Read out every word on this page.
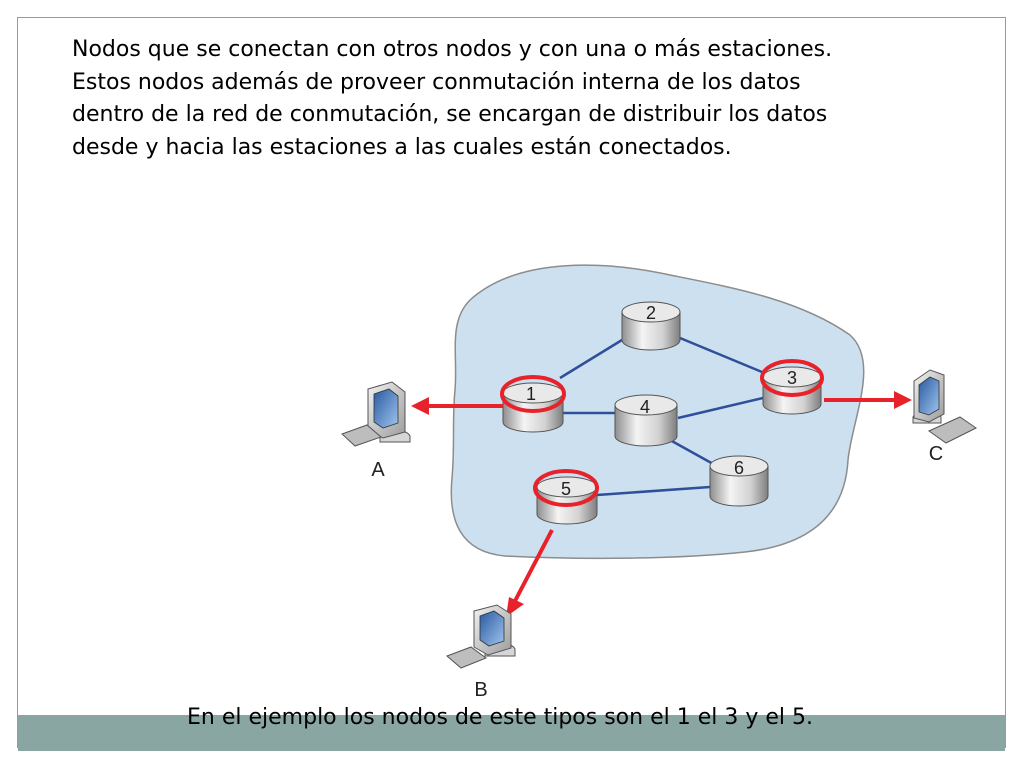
Nodos que se conectan con otros nodos y con una o más estaciones.
Estos nodos además de proveer conmutación interna de los datos
dentro de la red de conmutación, se encargan de distribuir los datos
desde y hacia las estaciones a las cuales están conectados.

1
2
3
4
5
6
A
C
B

En el ejemplo los nodos de este tipos son el 1 el 3 y el 5.
